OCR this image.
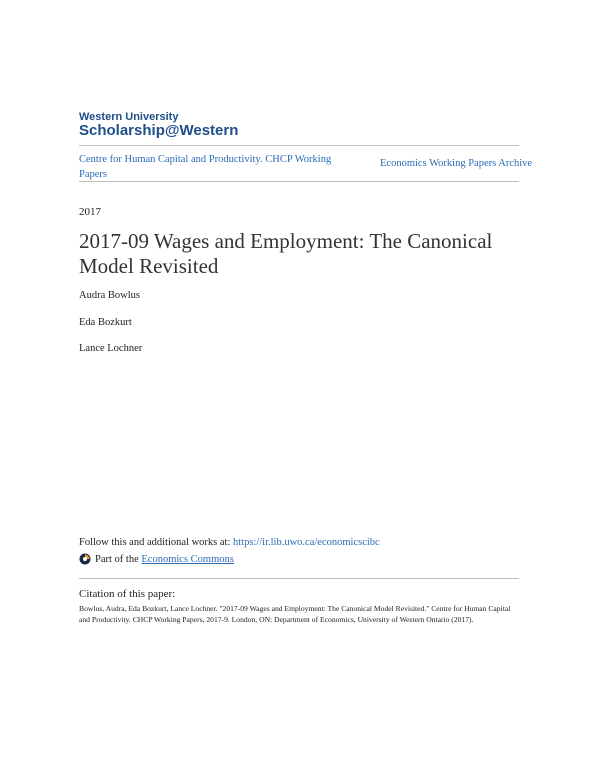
Western University
Scholarship@Western
Centre for Human Capital and Productivity. CHCP Working Papers
Economics Working Papers Archive
2017
2017-09 Wages and Employment: The Canonical Model Revisited
Audra Bowlus
Eda Bozkurt
Lance Lochner
Follow this and additional works at: https://ir.lib.uwo.ca/economicscibc
Part of the
Economics Commons
Citation of this paper:
Bowlus, Audra, Eda Bozkurt, Lance Lochner. "2017-09 Wages and Employment: The Canonical Model Revisited." Centre for Human Capital and Productivity. CHCP Working Papers, 2017-9. London, ON: Department of Economics, University of Western Ontario (2017).
